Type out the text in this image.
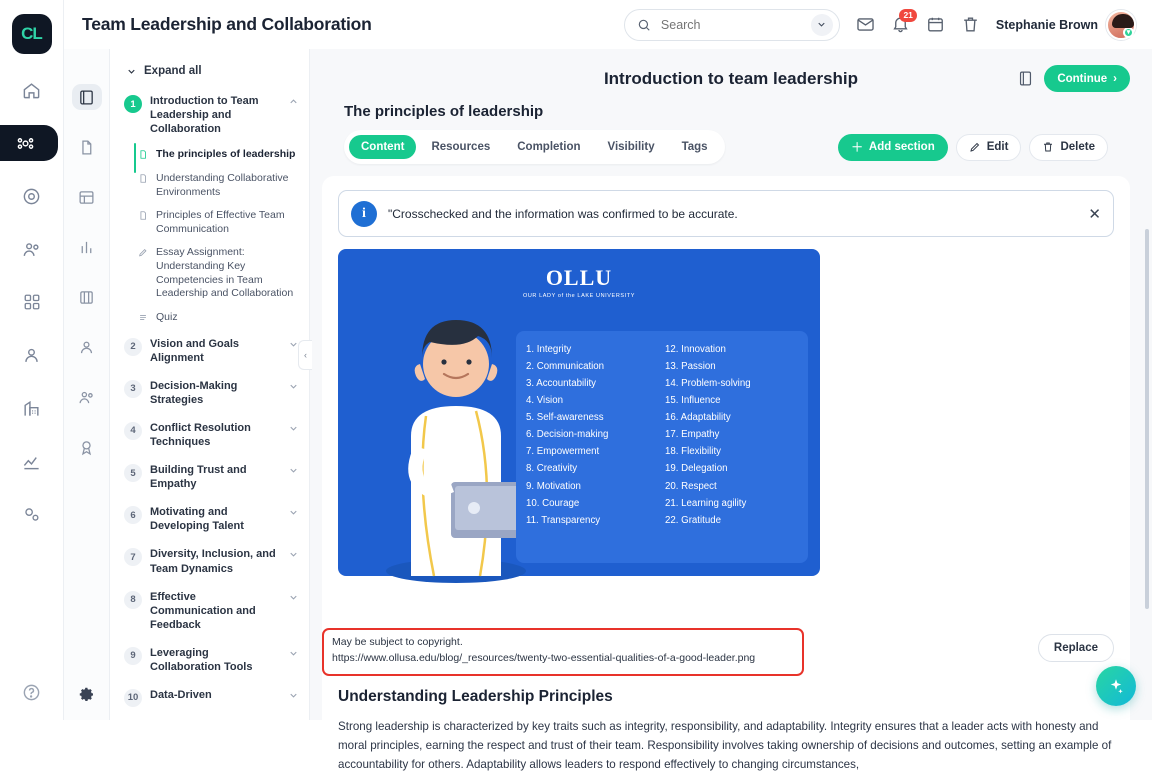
CL	Team Leadership and Collaboration
Search	21
Stephanie Brown
▾
Expand all
1	Introduction to Team Leadership and Collaboration
The principles of leadership
Understanding Collaborative Environments
Principles of Effective Team Communication
Essay Assignment: Understanding Key Competencies in Team Leadership and Collaboration
Quiz
2	Vision and Goals Alignment
3	Decision-Making Strategies
4	Conflict Resolution Techniques
5	Building Trust and Empathy
6	Motivating and Developing Talent
7	Diversity, Inclusion, and Team Dynamics
8	Effective Communication and Feedback
9	Leveraging Collaboration Tools
10	Data-Driven
‹
Introduction to team leadership	Continue ›
The principles of leadership
Content	Resources	Completion	Visibility	Tags	＋ Add section	Edit	Delete
i	"Crosschecked and the information was confirmed to be accurate.	✕
OLLU
OUR LADY of the LAKE UNIVERSITY
1. Integrity
2. Communication
3. Accountability
4. Vision
5. Self-awareness
6. Decision-making
7. Empowerment
8. Creativity
9. Motivation
10. Courage
11. Transparency
12. Innovation
13. Passion
14. Problem-solving
15. Influence
16. Adaptability
17. Empathy
18. Flexibility
19. Delegation
20. Respect
21. Learning agility
22. Gratitude
May be subject to copyright.
https://www.ollusa.edu/blog/_resources/twenty-two-essential-qualities-of-a-good-leader.png
Replace
Understanding Leadership Principles
Strong leadership is characterized by key traits such as integrity, responsibility, and adaptability. Integrity ensures that a leader acts with honesty and moral principles, earning the respect and trust of their team. Responsibility involves taking ownership of decisions and outcomes, setting an example of accountability for others. Adaptability allows leaders to respond effectively to changing circumstances,
